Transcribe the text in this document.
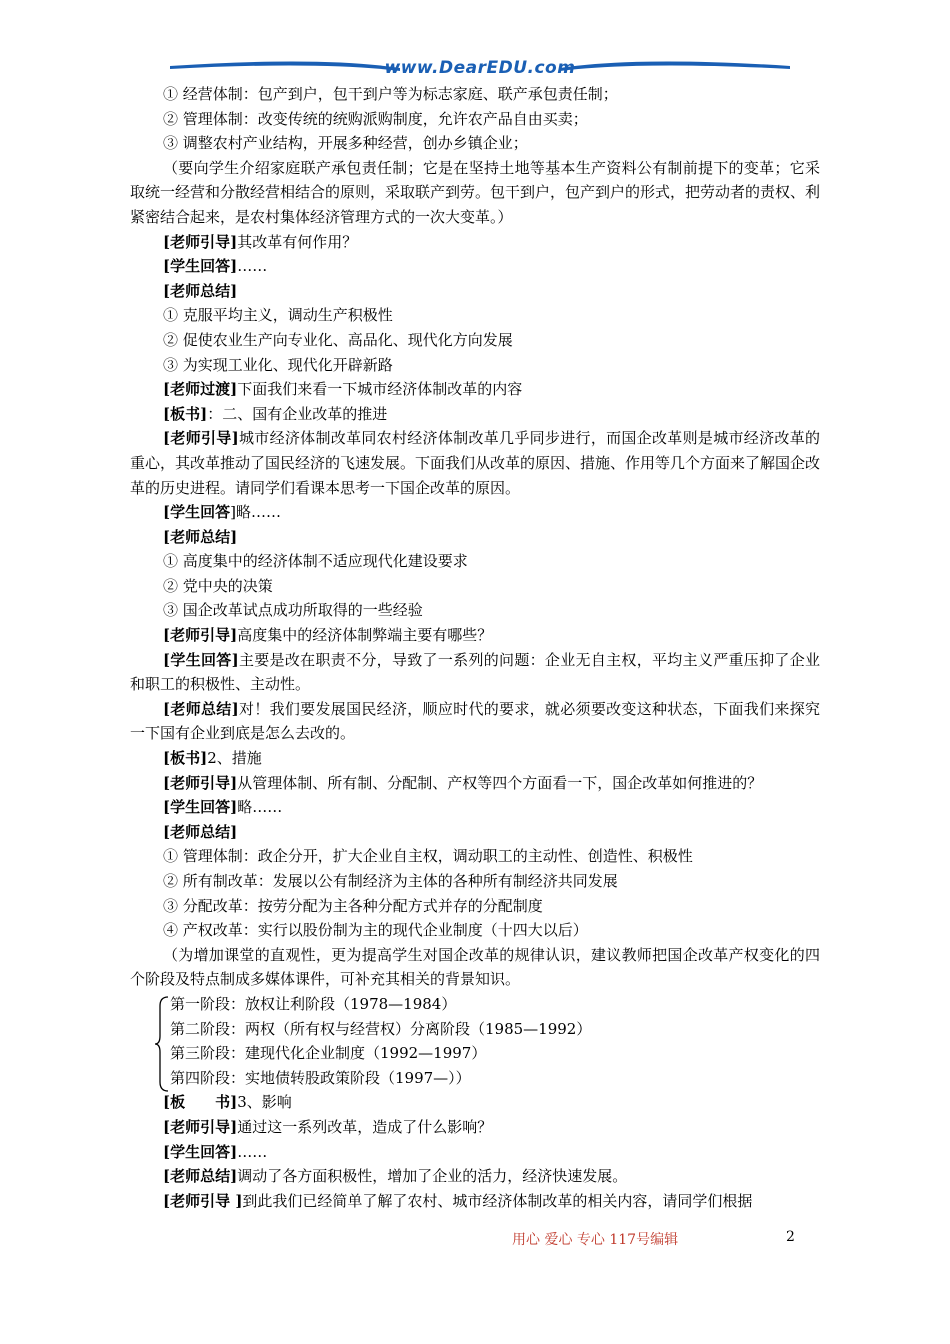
www.DearEDU.com

① 经营体制：包产到户，包干到户等为标志家庭、联产承包责任制；

② 管理体制：改变传统的统购派购制度，允许农产品自由买卖；

③ 调整农村产业结构，开展多种经营，创办乡镇企业；

（要向学生介绍家庭联产承包责任制；它是在坚持土地等基本生产资料公有制前提下的变革；它采取统一经营和分散经营相结合的原则，采取联产到劳。包干到户，包产到户的形式，把劳动者的责权、利紧密结合起来，是农村集体经济管理方式的一次大变革。）

[老师引导]其改革有何作用？

[学生回答]……

[老师总结]

① 克服平均主义，调动生产积极性

② 促使农业生产向专业化、高品化、现代化方向发展

③ 为实现工业化、现代化开辟新路

[老师过渡]下面我们来看一下城市经济体制改革的内容

[板书]：二、国有企业改革的推进

[老师引导]城市经济体制改革同农村经济体制改革几乎同步进行，而国企改革则是城市经济改革的重心，其改革推动了国民经济的飞速发展。下面我们从改革的原因、措施、作用等几个方面来了解国企改革的历史进程。请同学们看课本思考一下国企改革的原因。

[学生回答]略……

[老师总结]

① 高度集中的经济体制不适应现代化建设要求

② 党中央的决策

③ 国企改革试点成功所取得的一些经验

[老师引导]高度集中的经济体制弊端主要有哪些？

[学生回答]主要是改在职责不分，导致了一系列的问题：企业无自主权，平均主义严重压抑了企业和职工的积极性、主动性。

[老师总结]对！我们要发展国民经济，顺应时代的要求，就必须要改变这种状态，下面我们来探究一下国有企业到底是怎么去改的。

[板书]2、措施

[老师引导]从管理体制、所有制、分配制、产权等四个方面看一下，国企改革如何推进的？

[学生回答]略……

[老师总结]

① 管理体制：政企分开，扩大企业自主权，调动职工的主动性、创造性、积极性

② 所有制改革：发展以公有制经济为主体的各种所有制经济共同发展

③ 分配改革：按劳分配为主各种分配方式并存的分配制度

④ 产权改革：实行以股份制为主的现代企业制度（十四大以后）

（为增加课堂的直观性，更为提高学生对国企改革的规律认识，建议教师把国企改革产权变化的四个阶段及特点制成多媒体课件，可补充其相关的背景知识。

第一阶段：放权让利阶段（1978—1984）

第二阶段：两权（所有权与经营权）分离阶段（1985—1992）

第三阶段：建现代化企业制度（1992—1997）

第四阶段：实地债转股政策阶段（1997—））

[板　　书]3、影响

[老师引导]通过这一系列改革，造成了什么影响？

[学生回答]……

[老师总结]调动了各方面积极性，增加了企业的活力，经济快速发展。

[老师引导 ]到此我们已经简单了解了农村、城市经济体制改革的相关内容，请同学们根据

用心 爱心 专心 117号编辑	2
